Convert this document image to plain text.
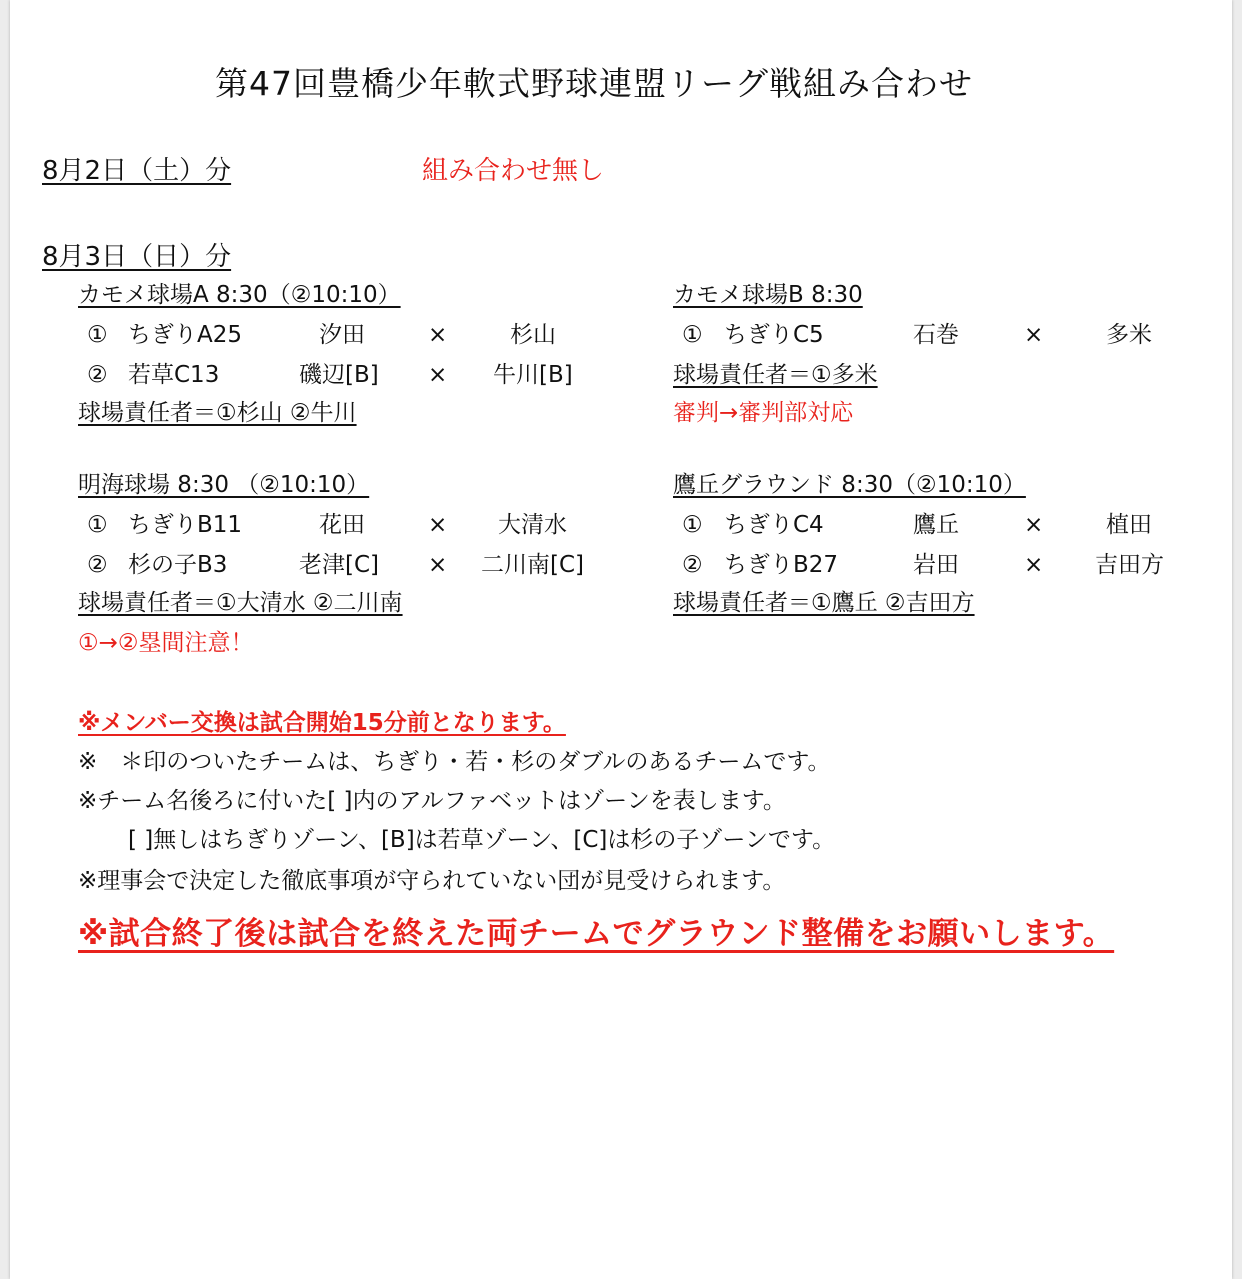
第47回豊橋少年軟式野球連盟リーグ戦組み合わせ
8月2日（土）分	組み合わせ無し
8月3日（日）分
カモメ球場A 8:30（②10:10）
① ちぎりA25	汐田	×	杉山
② 若草C13	磯辺[B] × 牛川[B]
球場責任者＝①杉山 ②牛川
カモメ球場B 8:30
① ちぎりC5	石巻	×	多米
球場責任者＝①多米
審判→審判部対応
明海球場 8:30 （②10:10）
① ちぎりB11	花田	× 大清水
② 杉の子B3	老津[C] × 二川南[C]
球場責任者＝①大清水 ②二川南
①→②塁間注意！
鷹丘グラウンド 8:30（②10:10）
① ちぎりC4	鷹丘	×	植田
② ちぎりB27	岩田	× 吉田方
球場責任者＝①鷹丘 ②吉田方
※メンバー交換は試合開始15分前となります。
※　＊印のついたチームは、ちぎり・若・杉のダブルのあるチームです。
※チーム名後ろに付いた[ ]内のアルファベットはゾーンを表します。
[ ]無しはちぎりゾーン、[B]は若草ゾーン、[C]は杉の子ゾーンです。
※理事会で決定した徹底事項が守られていない団が見受けられます。
※試合終了後は試合を終えた両チームでグラウンド整備をお願いします。
